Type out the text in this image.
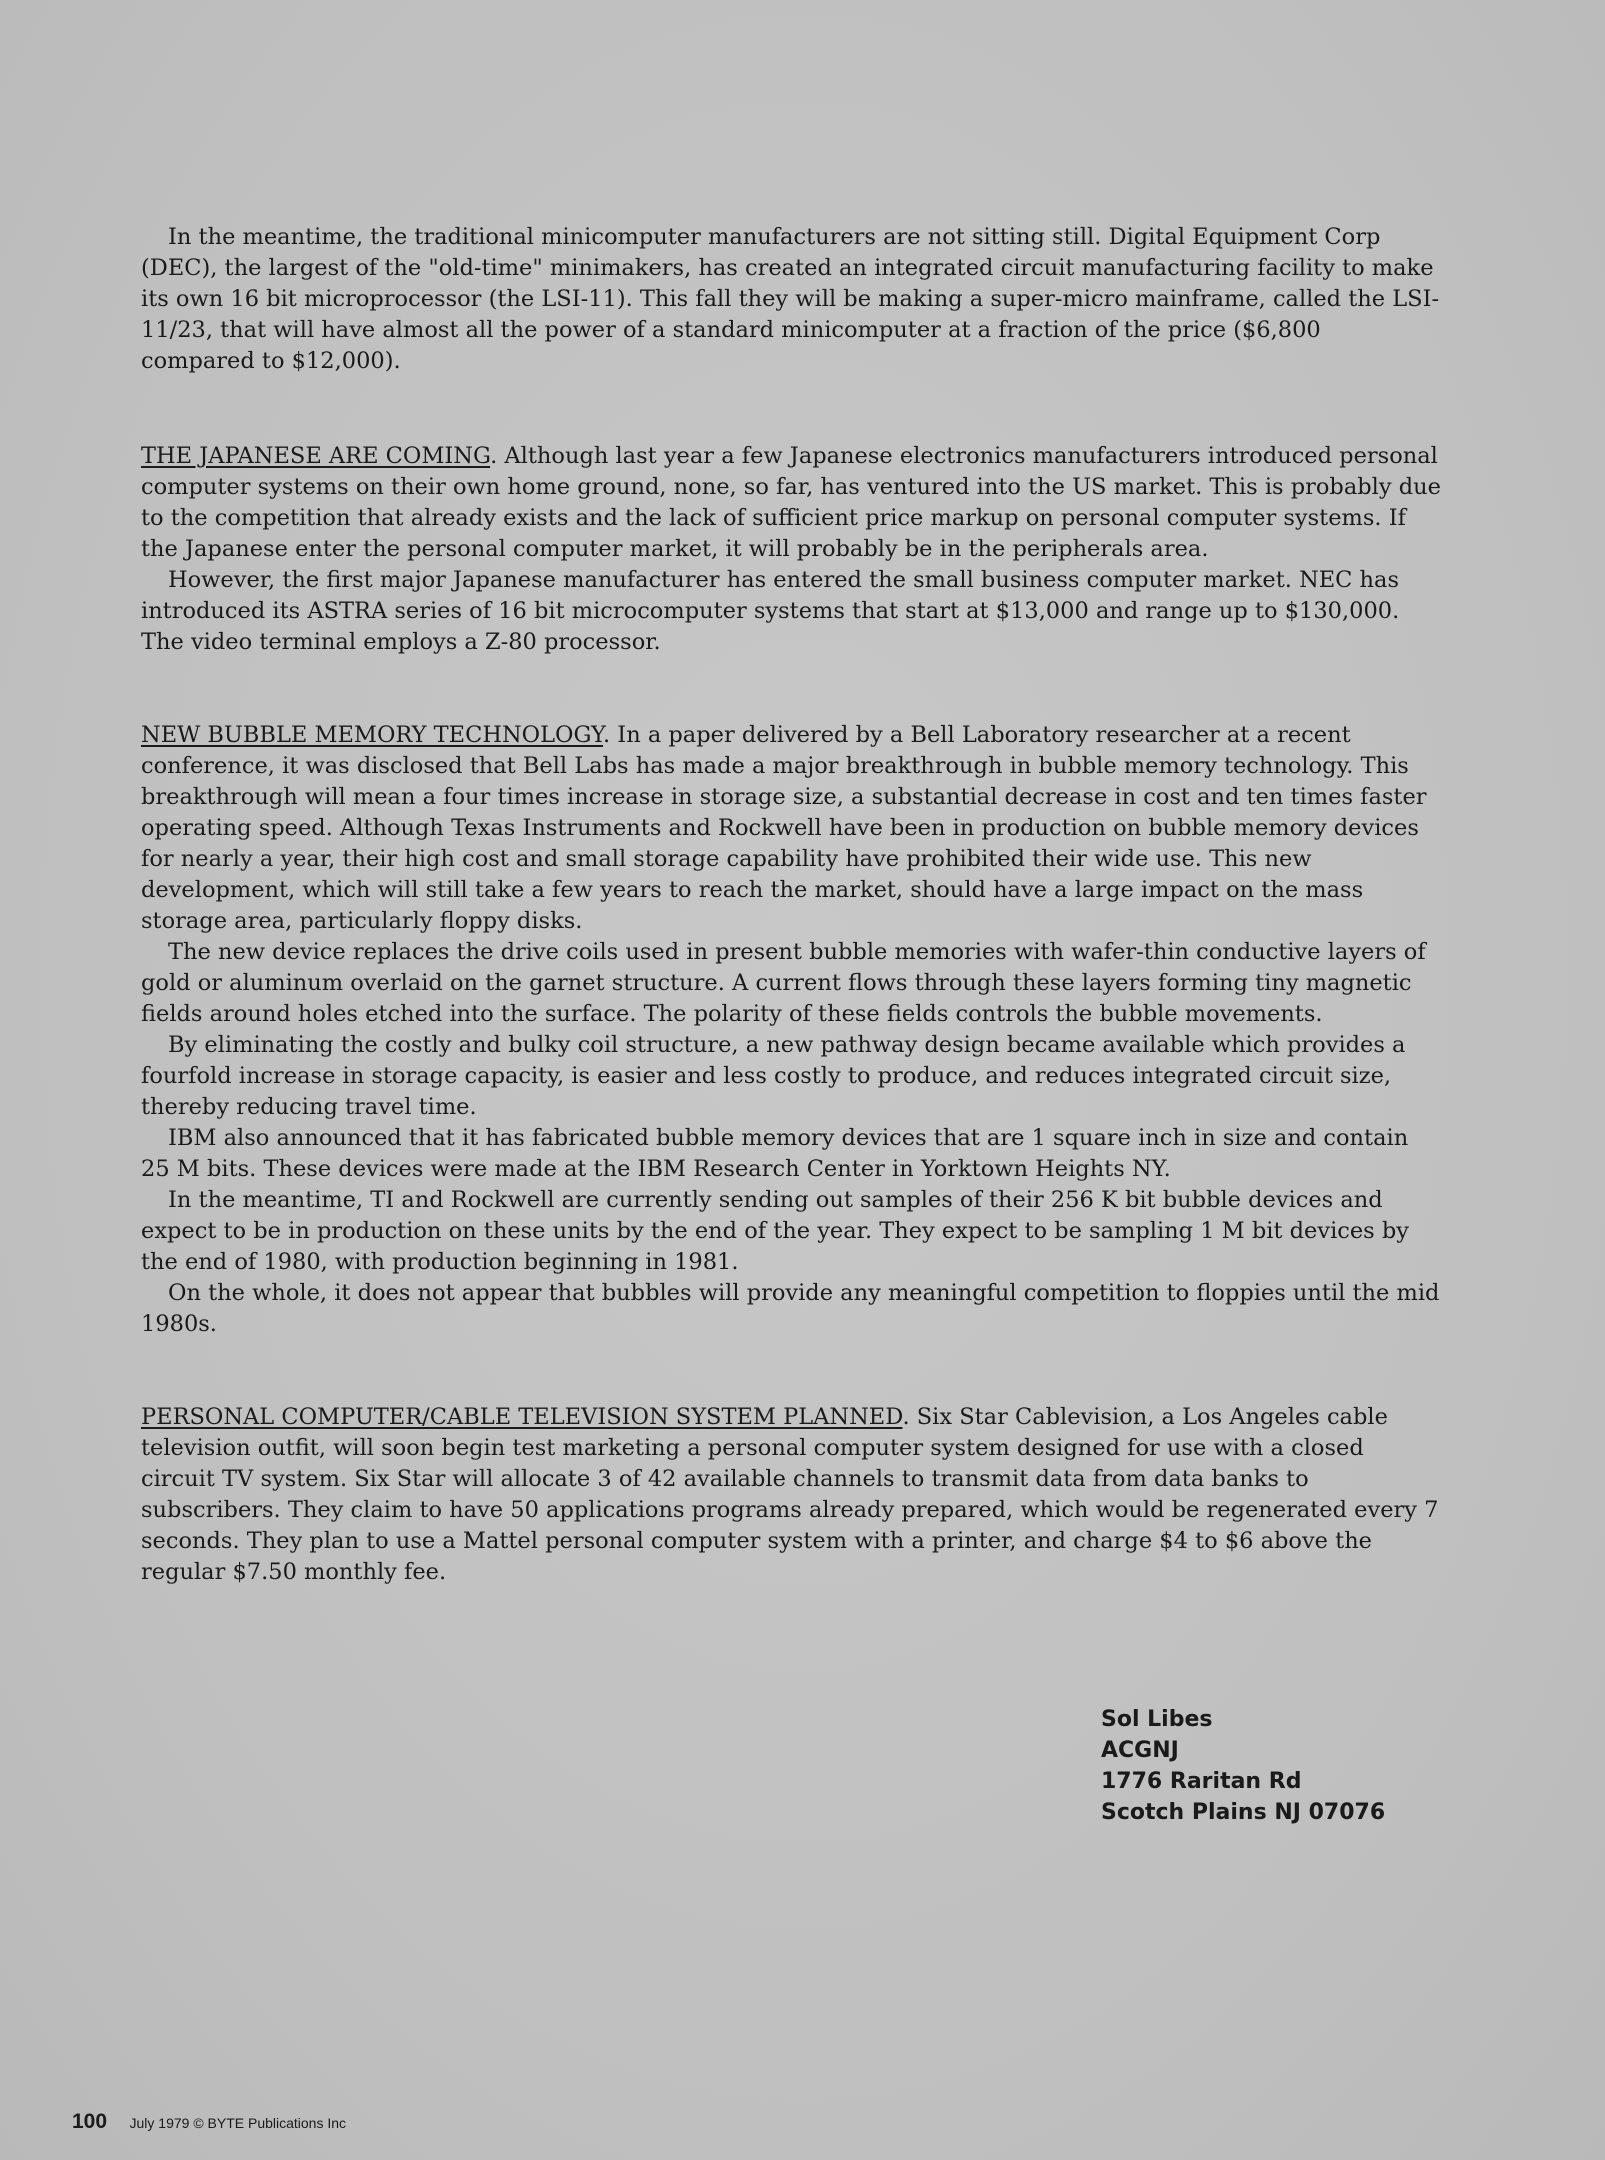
In the meantime, the traditional minicomputer manufacturers are not sitting still. Digital Equipment Corp (DEC), the largest of the "old-time" minimakers, has created an integrated circuit manufacturing facility to make its own 16 bit microprocessor (the LSI-11). This fall they will be making a super-micro mainframe, called the LSI-11/23, that will have almost all the power of a standard minicomputer at a fraction of the price ($6,800 compared to $12,000).

THE JAPANESE ARE COMING. Although last year a few Japanese electronics manufacturers introduced personal computer systems on their own home ground, none, so far, has ventured into the US market. This is probably due to the competition that already exists and the lack of sufficient price markup on personal computer systems. If the Japanese enter the personal computer market, it will probably be in the peripherals area.

However, the first major Japanese manufacturer has entered the small business computer market. NEC has introduced its ASTRA series of 16 bit microcomputer systems that start at $13,000 and range up to $130,000. The video terminal employs a Z-80 processor.

NEW BUBBLE MEMORY TECHNOLOGY. In a paper delivered by a Bell Laboratory researcher at a recent conference, it was disclosed that Bell Labs has made a major breakthrough in bubble memory technology. This breakthrough will mean a four times increase in storage size, a substantial decrease in cost and ten times faster operating speed. Although Texas Instruments and Rockwell have been in production on bubble memory devices for nearly a year, their high cost and small storage capability have prohibited their wide use. This new development, which will still take a few years to reach the market, should have a large impact on the mass storage area, particularly floppy disks.

The new device replaces the drive coils used in present bubble memories with wafer-thin conductive layers of gold or aluminum overlaid on the garnet structure. A current flows through these layers forming tiny magnetic fields around holes etched into the surface. The polarity of these fields controls the bubble movements.

By eliminating the costly and bulky coil structure, a new pathway design became available which provides a fourfold increase in storage capacity, is easier and less costly to produce, and reduces integrated circuit size, thereby reducing travel time.

IBM also announced that it has fabricated bubble memory devices that are 1 square inch in size and contain 25 M bits. These devices were made at the IBM Research Center in Yorktown Heights NY.

In the meantime, TI and Rockwell are currently sending out samples of their 256 K bit bubble devices and expect to be in production on these units by the end of the year. They expect to be sampling 1 M bit devices by the end of 1980, with production beginning in 1981.

On the whole, it does not appear that bubbles will provide any meaningful competition to floppies until the mid 1980s.

PERSONAL COMPUTER/CABLE TELEVISION SYSTEM PLANNED. Six Star Cablevision, a Los Angeles cable television outfit, will soon begin test marketing a personal computer system designed for use with a closed circuit TV system. Six Star will allocate 3 of 42 available channels to transmit data from data banks to subscribers. They claim to have 50 applications programs already prepared, which would be regenerated every 7 seconds. They plan to use a Mattel personal computer system with a printer, and charge $4 to $6 above the regular $7.50 monthly fee.

Sol Libes
ACGNJ
1776 Raritan Rd
Scotch Plains NJ 07076
100 July 1979 © BYTE Publications Inc
